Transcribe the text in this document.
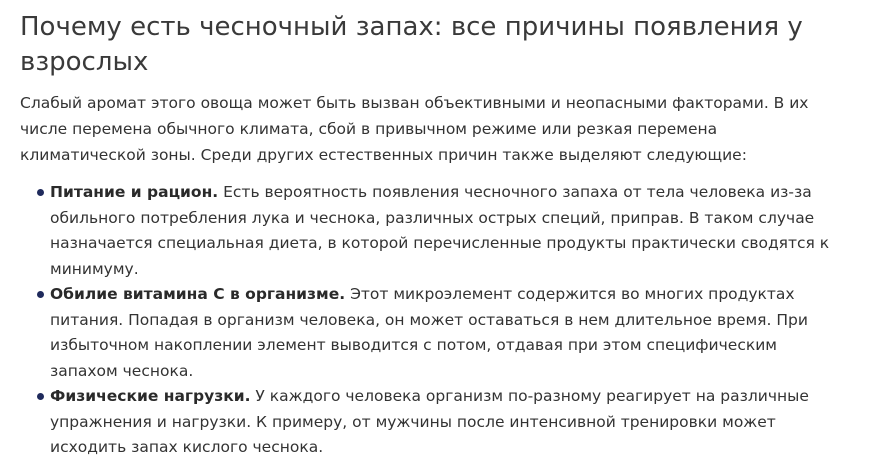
Почему есть чесночный запах: все причины появления у взрослых
Слабый аромат этого овоща может быть вызван объективными и неопасными факторами. В их
числе перемена обычного климата, сбой в привычном режиме или резкая перемена
климатической зоны. Среди других естественных причин также выделяют следующие:
Питание и рацион. Есть вероятность появления чесночного запаха от тела человека из-за
обильного потребления лука и чеснока, различных острых специй, приправ. В таком случае
назначается специальная диета, в которой перечисленные продукты практически сводятся к
минимуму.
Обилие витамина С в организме. Этот микроэлемент содержится во многих продуктах
питания. Попадая в организм человека, он может оставаться в нем длительное время. При
избыточном накоплении элемент выводится с потом, отдавая при этом специфическим
запахом чеснока.
Физические нагрузки. У каждого человека организм по-разному реагирует на различные
упражнения и нагрузки. К примеру, от мужчины после интенсивной тренировки может
исходить запах кислого чеснока.
